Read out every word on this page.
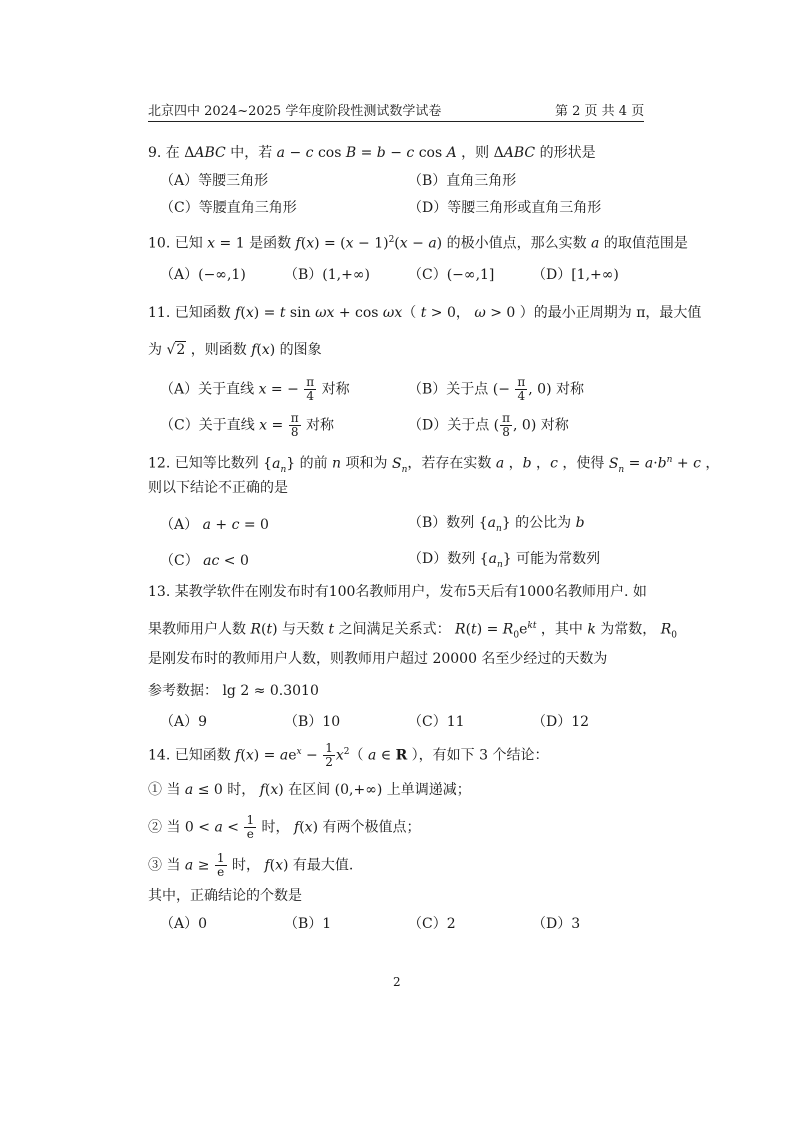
北京四中 2024~2025 学年度阶段性测试数学试卷	第 2 页 共 4 页
9. 在 ΔABC 中，若 a − c cos B = b − c cos A ，则 ΔABC 的形状是
（A）等腰三角形	（B）直角三角形
（C）等腰直角三角形	（D）等腰三角形或直角三角形
10. 已知 x = 1 是函数 $f(x) = (x - 1)^2(x - a)$ 的极小值点，那么实数 a 的取值范围是
（A）(−∞,1)	（B）(1,+∞)	（C）(−∞,1]	（D）[1,+∞)
11. 已知函数 f(x) = t sin ωx + cos ωx（ t > 0， ω > 0 ）的最小正周期为 π，最大值
为 √2 ，则函数 f(x) 的图象
（A）关于直线 x = − $\frac{\pi}{4}$ 对称	（B）关于点 (− $\frac{\pi}{4}$ , 0) 对称
（C）关于直线 $x = \frac{\pi}{8}$ 对称	（D）关于点 ( $\frac{\pi}{8}$ , 0) 对称
12. 已知等比数列 $\{a_n\}$ 的前 n 项和为 $S_n$，若存在实数 a ，b ，c ，使得 $S_n = a\cdot b^n + c$ ，
则以下结论不正确的是
（A） a + c = 0	（B）数列 $\{a_n\}$ 的公比为 b
（C） ac < 0	（D）数列 $\{a_n\}$ 可能为常数列
13. 某教学软件在刚发布时有100名教师用户，发布5天后有1000名教师用户. 如
果教师用户人数 R(t) 与天数 t 之间满足关系式： $R(t) = R_0e^{kt}$ ，其中 k 为常数， $R_0$
是刚发布时的教师用户人数，则教师用户超过 20000 名至少经过的天数为
参考数据： lg 2 ≈ 0.3010
（A）9	（B）10	（C）11	（D）12
14. 已知函数 $f(x) = ae^x - \frac{1}{2} x^2$（ a ∈ R ），有如下 3 个结论：
① 当 a ≤ 0 时， f(x) 在区间 (0,+∞) 上单调递减；
② 当 $0 < a < \frac{1}{e}$ 时， f(x) 有两个极值点；
③ 当 $a \ge \frac{1}{e}$ 时， f(x) 有最大值.
其中，正确结论的个数是
（A）0	（B）1	（C）2	（D）3
2
